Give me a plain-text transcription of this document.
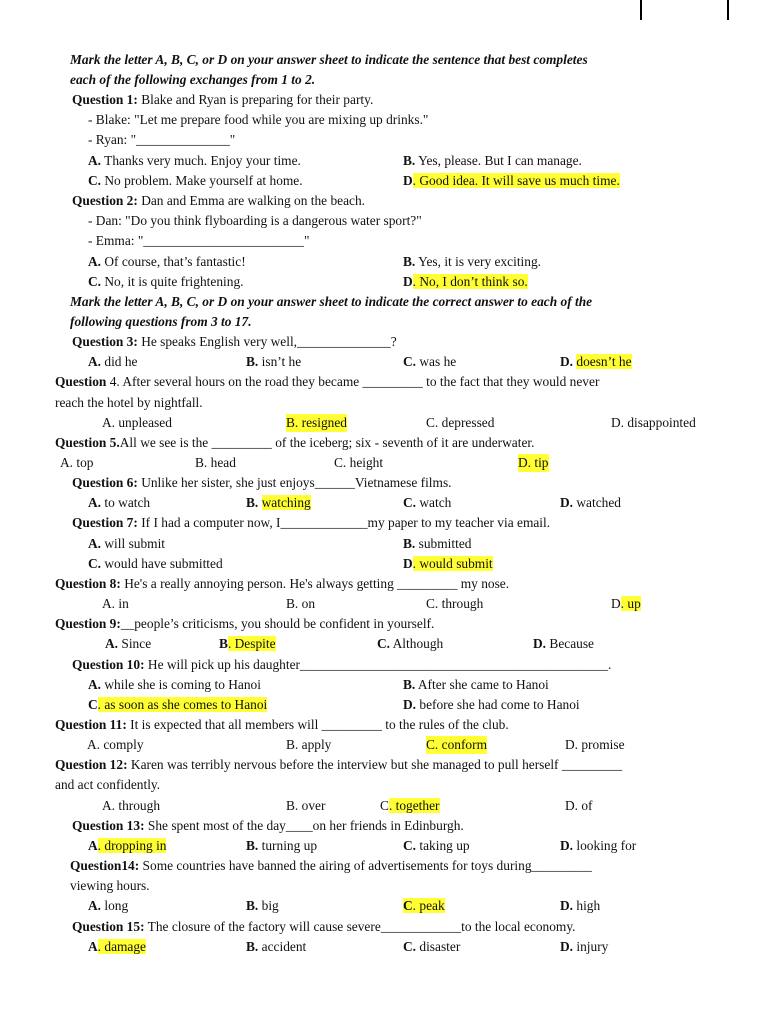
Mark the letter A, B, C, or D on your answer sheet to indicate the sentence that best completes
each of the following exchanges from 1 to 2.
Question 1: Blake and Ryan is preparing for their party.
- Blake: "Let me prepare food while you are mixing up drinks."
- Ryan: "______________"
A. Thanks very much. Enjoy your time.	B. Yes, please. But I can manage.
C. No problem. Make yourself at home.	D. Good idea. It will save us much time.
Question 2: Dan and Emma are walking on the beach.
- Dan: "Do you think flyboarding is a dangerous water sport?"
- Emma: "________________________"
A. Of course, that’s fantastic!	B. Yes, it is very exciting.
C. No, it is quite frightening.	D. No, I don’t think so.
Mark the letter A, B, C, or D on your answer sheet to indicate the correct answer to each of the
following questions from 3 to 17.
Question 3: He speaks English very well,______________?
A. did he	B. isn’t he	C. was he	D. doesn’t he
Question 4. After several hours on the road they became _________ to the fact that they would never
reach the hotel by nightfall.
A. unpleased	B. resigned	C. depressed	D. disappointed
Question 5.All we see is the _________ of the iceberg; six - seventh of it are underwater.
A. top	B. head	C. height	D. tip
Question 6: Unlike her sister, she just enjoys______Vietnamese films.
A. to watch	B. watching	C. watch	D. watched
Question 7: If I had a computer now, I_____________my paper to my teacher via email.
A. will submit	B. submitted
C. would have submitted	D. would submit
Question 8: He's a really annoying person. He's always getting _________ my nose.
A. in	B. on	C. through	D. up
Question 9:__people’s criticisms, you should be confident in yourself.
A. Since	B. Despite	C. Although	D. Because
Question 10: He will pick up his daughter______________________________________________.
A. while she is coming to Hanoi	B. After she came to Hanoi
C. as soon as she comes to Hanoi	D. before she had come to Hanoi
Question 11: It is expected that all members will _________ to the rules of the club.
A. comply	B. apply	C. conform	D. promise
Question 12: Karen was terribly nervous before the interview but she managed to pull herself _________
and act confidently.
A. through	B. over	C. together	D. of
Question 13: She spent most of the day____on her friends in Edinburgh.
A. dropping in	B. turning up	C. taking up	D. looking for
Question14: Some countries have banned the airing of advertisements for toys during_________
viewing hours.
A. long	B. big	C. peak	D. high
Question 15: The closure of the factory will cause severe____________to the local economy.
A. damage	B. accident	C. disaster	D. injury
